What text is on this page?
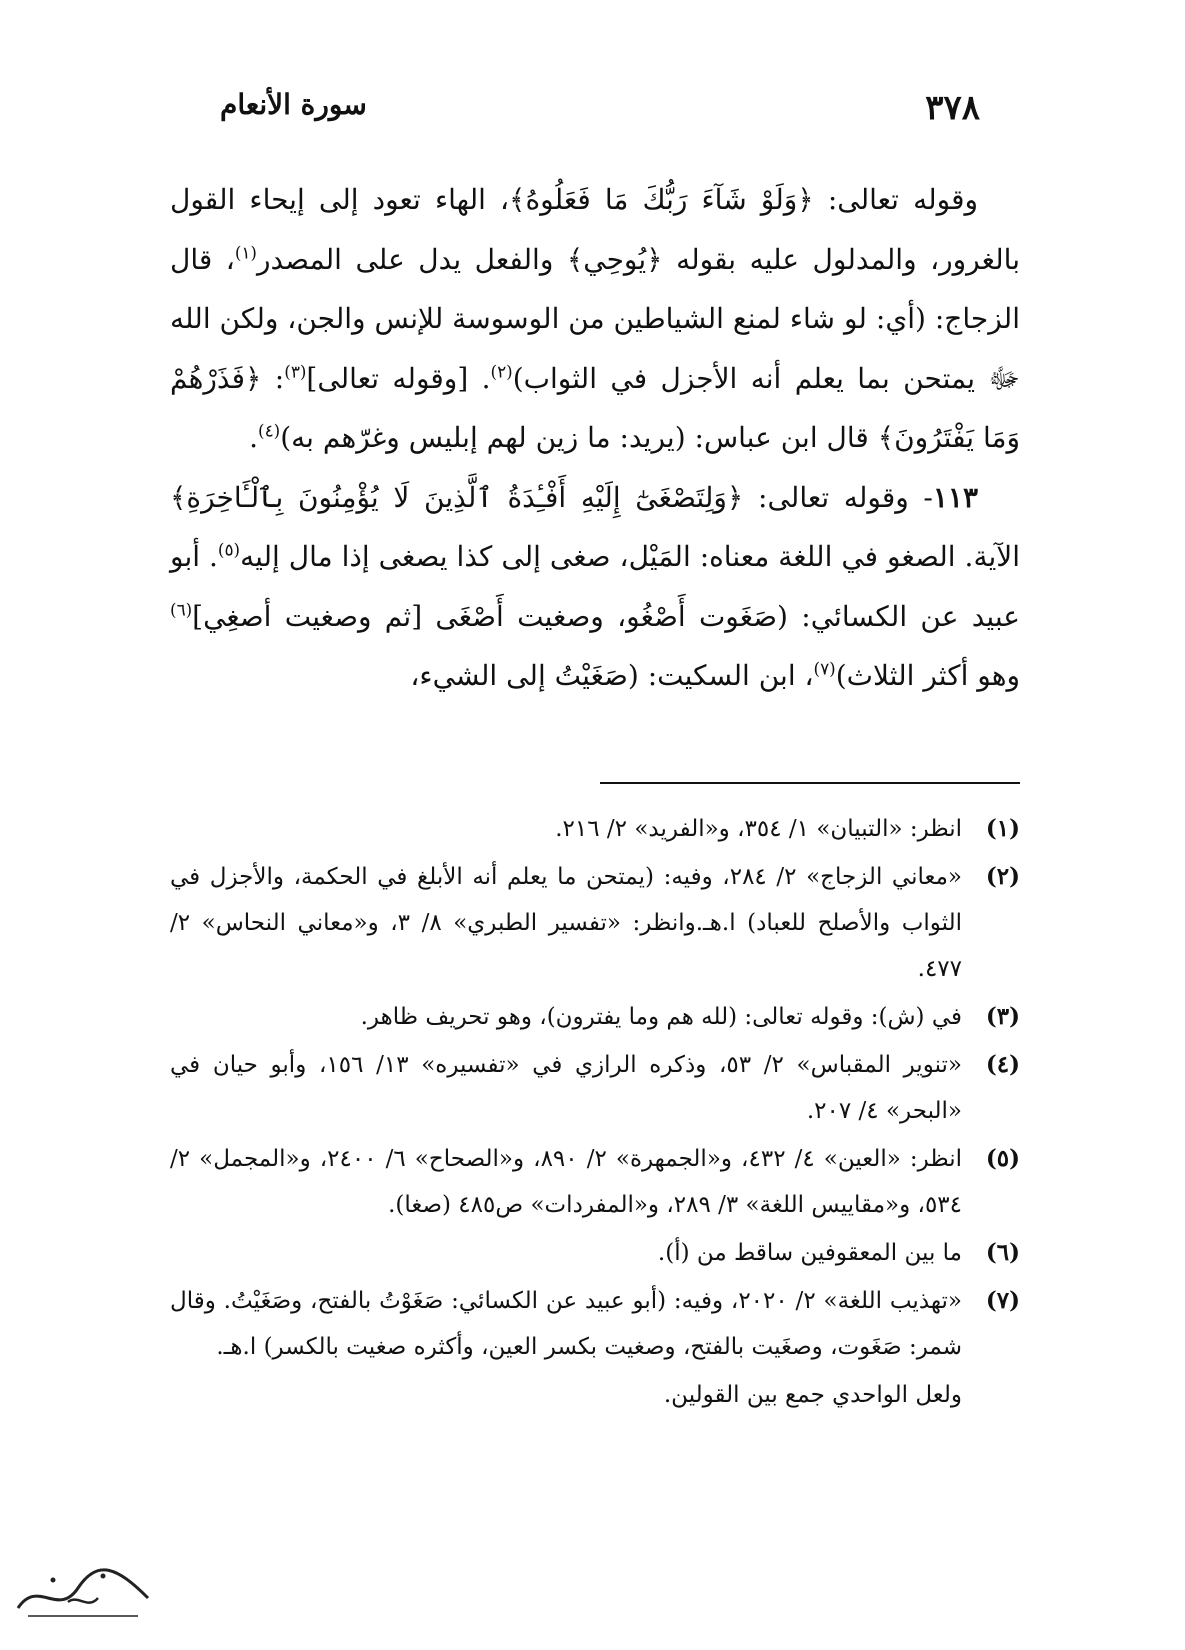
٣٧٨
سورة الأنعام

وقوله تعالى: ﴿وَلَوْ شَآءَ رَبُّكَ مَا فَعَلُوهُ﴾، الهاء تعود إلى إيحاء القول بالغرور، والمدلول عليه بقوله ﴿يُوحِي﴾ والفعل يدل على المصدر$^{(١)}$، قال الزجاج: (أي: لو شاء لمنع الشياطين من الوسوسة للإنس والجن، ولكن الله ﷻ يمتحن بما يعلم أنه الأجزل في الثواب)$^{(٢)}$. [وقوله تعالى]$^{(٣)}$: ﴿فَذَرْهُمْ وَمَا يَفْتَرُونَ﴾ قال ابن عباس: (يريد: ما زين لهم إبليس وغرّهم به)$^{(٤)}$.

١١٣- وقوله تعالى: ﴿وَلِتَصْغَىٰٓ إِلَيْهِ أَفْـِٔدَةُ ٱلَّذِينَ لَا يُؤْمِنُونَ بِٱلْـَٔاخِرَةِ﴾ الآية. الصغو في اللغة معناه: المَيْل، صغى إلى كذا يصغى إذا مال إليه$^{(٥)}$. أبو عبيد عن الكسائي: (صَغَوت أَصْغُو، وصغيت أَصْغَى [ثم وصغيت أصغِي]$^{(٦)}$ وهو أكثر الثلاث)$^{(٧)}$، ابن السكيت: (صَغَيْتُ إلى الشيء،

(١)
انظر: «التبيان» ١/ ٣٥٤، و«الفريد» ٢/ ٢١٦.

(٢)
«معاني الزجاج» ٢/ ٢٨٤، وفيه: (يمتحن ما يعلم أنه الأبلغ في الحكمة، والأجزل في الثواب والأصلح للعباد) ا.هـ.وانظر: «تفسير الطبري» ٨/ ٣، و«معاني النحاس» ٢/ ٤٧٧.

(٣)
في (ش): وقوله تعالى: (لله هم وما يفترون)، وهو تحريف ظاهر.

(٤)
«تنوير المقباس» ٢/ ٥٣، وذكره الرازي في «تفسيره» ١٣/ ١٥٦، وأبو حيان في «البحر» ٤/ ٢٠٧.

(٥)
انظر: «العين» ٤/ ٤٣٢، و«الجمهرة» ٢/ ٨٩٠، و«الصحاح» ٦/ ٢٤٠٠، و«المجمل» ٢/ ٥٣٤، و«مقاييس اللغة» ٣/ ٢٨٩، و«المفردات» ص٤٨٥ (صغا).

(٦)
ما بين المعقوفين ساقط من (أ).

(٧)
«تهذيب اللغة» ٢/ ٢٠٢٠، وفيه: (أبو عبيد عن الكسائي: صَغَوْتُ بالفتح، وصَغَيْتُ. وقال شمر: صَغَوت، وصغَيت بالفتح، وصغيت بكسر العين، وأكثره صغيت بالكسر) ا.هـ.

ولعل الواحدي جمع بين القولين.
